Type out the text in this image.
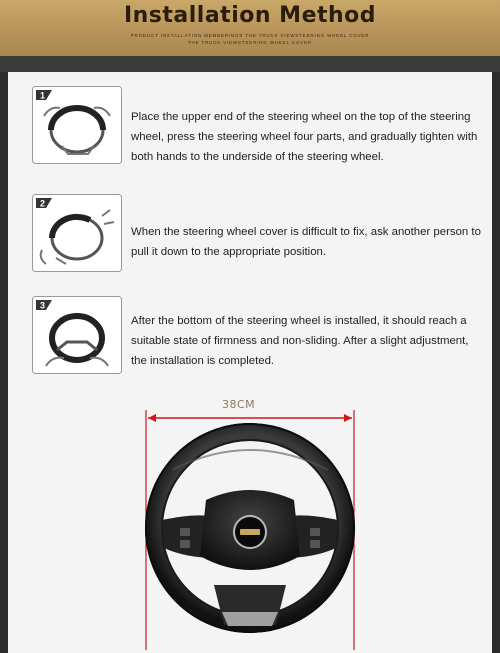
Installation Method
PRODUCT INSTALLATION MEMBERINGS THE TRUCK VIEWSTEERING WHEEL COVER
THE TRUCK VIEWSTEERING WHEEL COVER
1
Place the upper end of the steering wheel on the top of the steering wheel, press the steering wheel four parts, and gradually tighten with both hands to the underside of the steering wheel.
2
When the steering wheel cover is difficult to fix, ask another person to pull it down to the appropriate position.
3
After the bottom of the steering wheel is installed, it should reach a suitable state of firmness and non-sliding. After a slight adjustment, the installation is completed.
38CM
